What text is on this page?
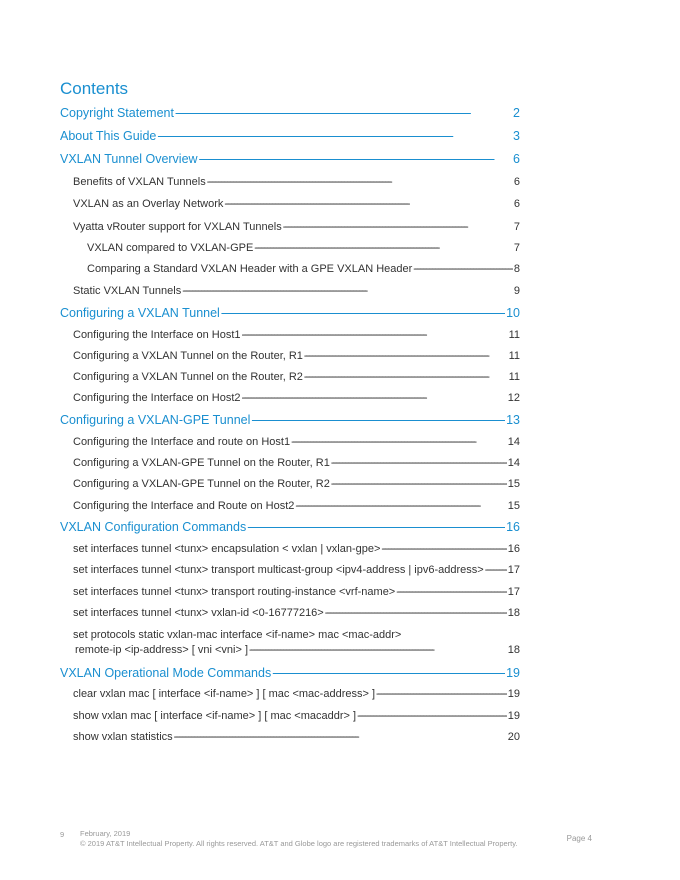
Contents
Copyright Statement - - -	2
About This Guide - - -	3
VXLAN Tunnel Overview - - -	6
Benefits of VXLAN Tunnels - - -	6
VXLAN as an Overlay Network - - -	6
Vyatta vRouter support for VXLAN Tunnels - - -	7
VXLAN compared to VXLAN-GPE - - -	7
Comparing a Standard VXLAN Header with a GPE VXLAN Header - - -	8
Static VXLAN Tunnels - - -	9
Configuring a VXLAN Tunnel - - -	10
Configuring the Interface on Host1 - - -	11
Configuring a VXLAN Tunnel on the Router, R1 - - -	11
Configuring a VXLAN Tunnel on the Router, R2 - - -	11
Configuring the Interface on Host2 - - -	12
Configuring a VXLAN-GPE Tunnel - - -	13
Configuring the Interface and route on Host1 - - -	14
Configuring a VXLAN-GPE Tunnel on the Router, R1 - - -	14
Configuring a VXLAN-GPE Tunnel on the Router, R2 - - -	15
Configuring the Interface and Route on Host2 - - -	15
VXLAN Configuration Commands - - -	16
set interfaces tunnel <tunx> encapsulation < vxlan | vxlan-gpe> - - -	16
set interfaces tunnel <tunx> transport multicast-group <ipv4-address | ipv6-address> - - - 17
set interfaces tunnel <tunx> transport routing-instance <vrf-name> - - -	17
set interfaces tunnel <tunx> vxlan-id <0-16777216> - - -	18
set protocols static vxlan-mac interface <if-name> mac <mac-addr>
remote-ip <ip-address> [ vni <vni> ] - - -	18
VXLAN Operational Mode Commands - - -	19
clear vxlan mac [ interface <if-name> ] [ mac <mac-address> ] - - -	19
show vxlan mac [ interface <if-name> ] [ mac <macaddr> ] - - -	19
show vxlan statistics - - -	20
9 February, 2019
© 2019 AT&T Intellectual Property. All rights reserved. AT&T and Globe logo are registered trademarks of AT&T Intellectual Property.
Page 4
